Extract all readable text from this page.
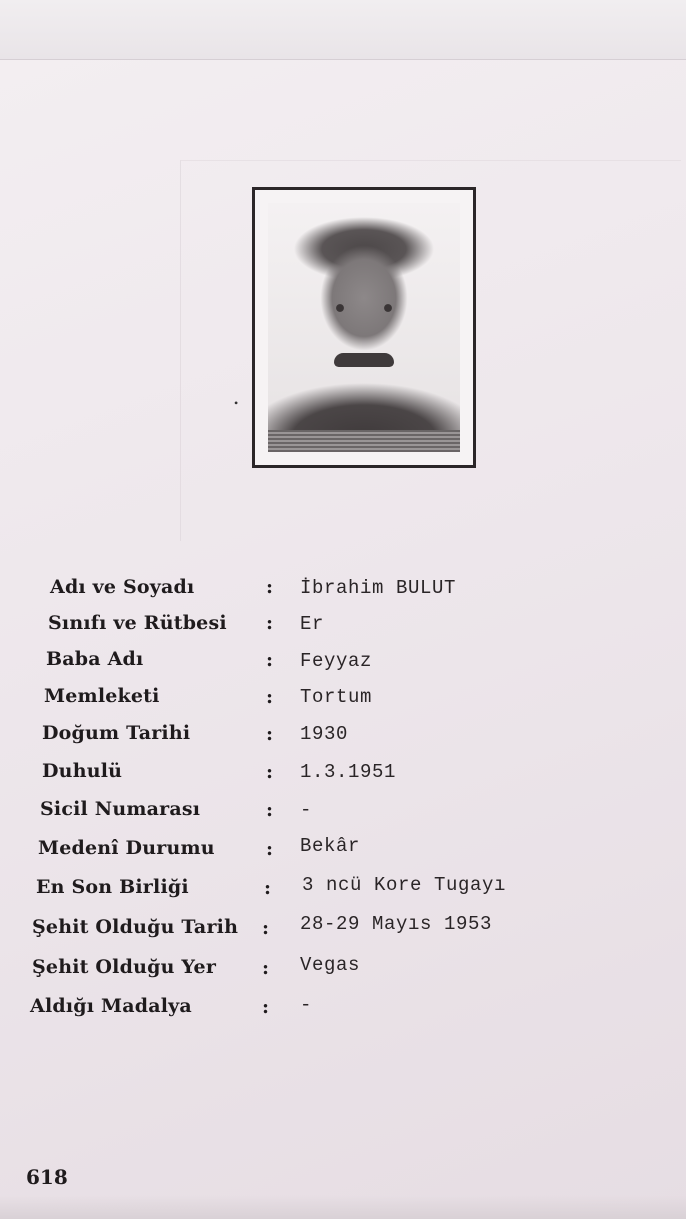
•
Adı ve Soyadı	: İbrahim BULUT
Sınıfı ve Rütbesi : Er
Baba Adı	: Feyyaz
Memleketi	: Tortum
Doğum Tarihi	: 1930
Duhulü	: 1.3.1951
Sicil Numarası	: -
Medenî Durumu	: Bekâr
En Son Birliği	: 3 ncü Kore Tugayı
Şehit Olduğu Tarih : 28-29 Mayıs 1953
Şehit Olduğu Yer : Vegas
Aldığı Madalya	: -
618
